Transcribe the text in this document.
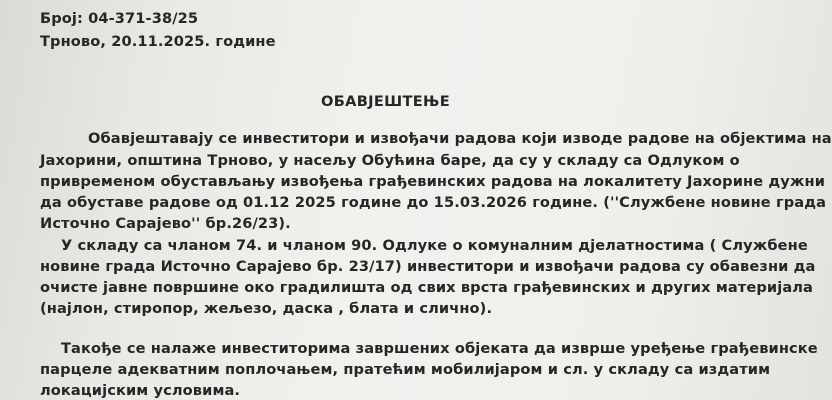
Број: 04-371-38/25
Трново, 20.11.2025. године
ОБАВЈЕШТЕЊЕ
Обавјештавају се инвеститори и извођачи радова који изводе радове на објектима на
Јахорини, општина Трново, у насељу Обућина баре, да су у складу са Одлуком о
привременом обустављању извођења грађевинских радова на локалитету Јахорине дужни
да обуставе радове од 01.12 2025 године до 15.03.2026 године. (''Службене новине града
Источно Сарајево'' бр.26/23).
У складу са чланом 74. и чланом 90. Одлуке о комуналним дјелатностима ( Службене
новине града Источно Сарајево бр. 23/17) инвеститори и извођачи радова су обавезни да
очисте јавне површине око градилишта од свих врста грађевинских и других материјала
(најлон, стиропор, жељезо, даска , блата и слично).
Такође се налаже инвеститорима завршених објеката да изврше уређење грађевинске
парцеле адекватним поплочањем, пратећим мобилијаром и сл. у складу са издатим
локацијским условима.
